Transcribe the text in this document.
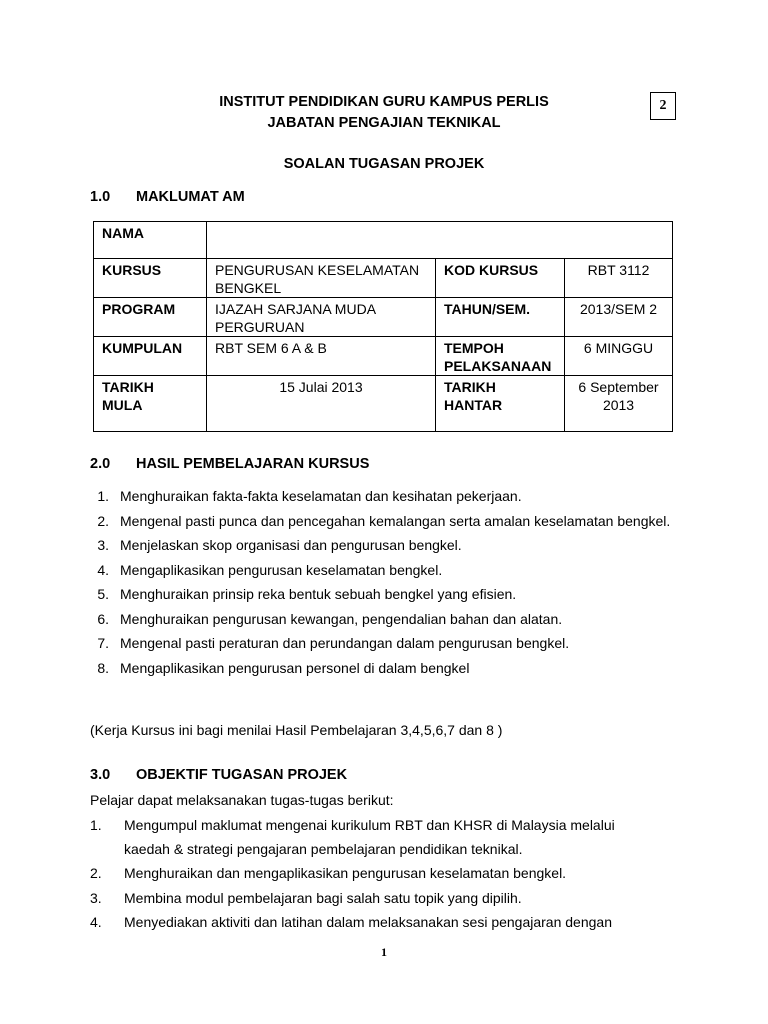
INSTITUT PENDIDIKAN GURU KAMPUS PERLIS
JABATAN PENGAJIAN TEKNIKAL
2
SOALAN TUGASAN PROJEK
1.0 MAKLUMAT AM
NAMA			
KURSUS	PENGURUSAN KESELAMATAN BENGKEL	KOD KURSUS	RBT 3112
PROGRAM	IJAZAH SARJANA MUDA PERGURUAN	TAHUN/SEM.	2013/SEM 2
KUMPULAN	RBT SEM 6 A & B	TEMPOH PELAKSANAAN	6 MINGGU
TARIKH MULA	15 Julai 2013	TARIKH HANTAR	6 September 2013
2.0 HASIL PEMBELAJARAN KURSUS
1. Menghuraikan fakta-fakta keselamatan dan kesihatan pekerjaan.
2. Mengenal pasti punca dan pencegahan kemalangan serta amalan keselamatan bengkel.
3. Menjelaskan skop organisasi dan pengurusan bengkel.
4. Mengaplikasikan pengurusan keselamatan bengkel.
5. Menghuraikan prinsip reka bentuk sebuah bengkel yang efisien.
6. Menghuraikan pengurusan kewangan, pengendalian bahan dan alatan.
7. Mengenal pasti peraturan dan perundangan dalam pengurusan bengkel.
8. Mengaplikasikan pengurusan personel di dalam bengkel
(Kerja Kursus ini bagi menilai Hasil Pembelajaran 3,4,5,6,7 dan 8 )
3.0 OBJEKTIF TUGASAN PROJEK
Pelajar dapat melaksanakan tugas-tugas berikut:
1. Mengumpul maklumat mengenai kurikulum RBT dan KHSR di Malaysia melalui
kaedah & strategi pengajaran pembelajaran pendidikan teknikal.
2. Menghuraikan dan mengaplikasikan pengurusan keselamatan bengkel.
3. Membina modul pembelajaran bagi salah satu topik yang dipilih.
4. Menyediakan aktiviti dan latihan dalam melaksanakan sesi pengajaran dengan
1
